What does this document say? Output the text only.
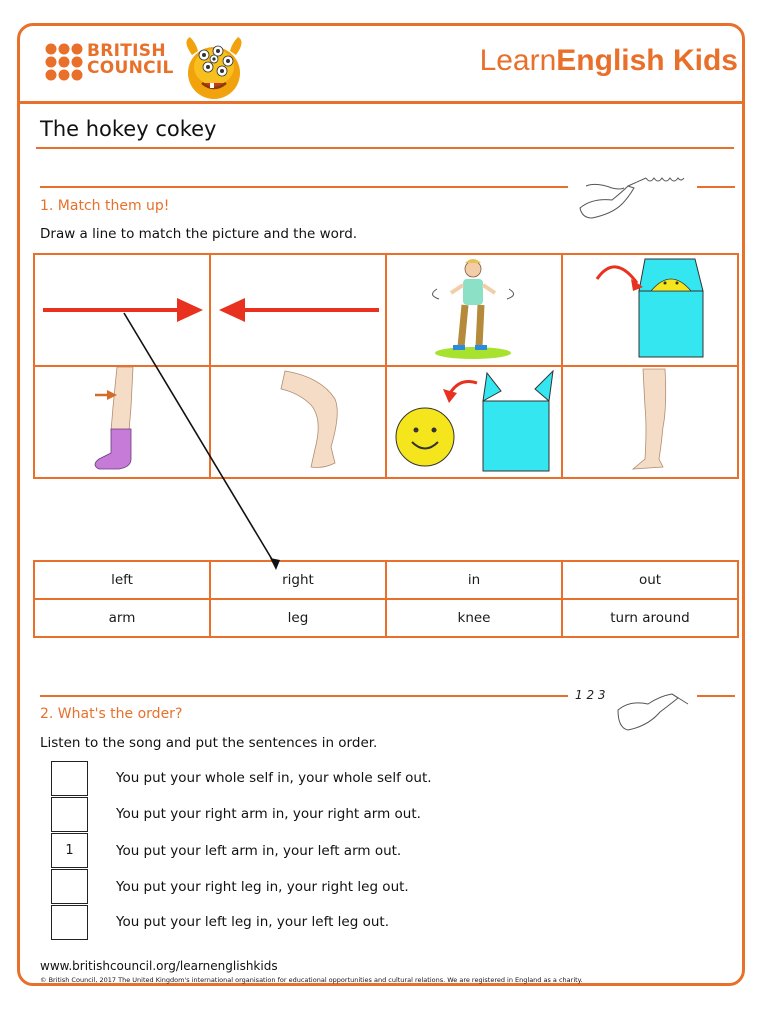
BRITISH
COUNCIL	LearnEnglish Kids
The hokey cokey
1. Match them up!
Draw a line to match the picture and the word.

left	right	in	out
arm	leg	knee	turn around
1 2 3
2. What's the order?
Listen to the song and put the sentences in order.
1
You put your whole self in, your whole self out.
You put your right arm in, your right arm out.
You put your left arm in, your left arm out.
You put your right leg in, your right leg out.
You put your left leg in, your left leg out.
www.britishcouncil.org/learnenglishkids
© British Council, 2017 The United Kingdom's international organisation for educational opportunities and cultural relations. We are registered in England as a charity.
